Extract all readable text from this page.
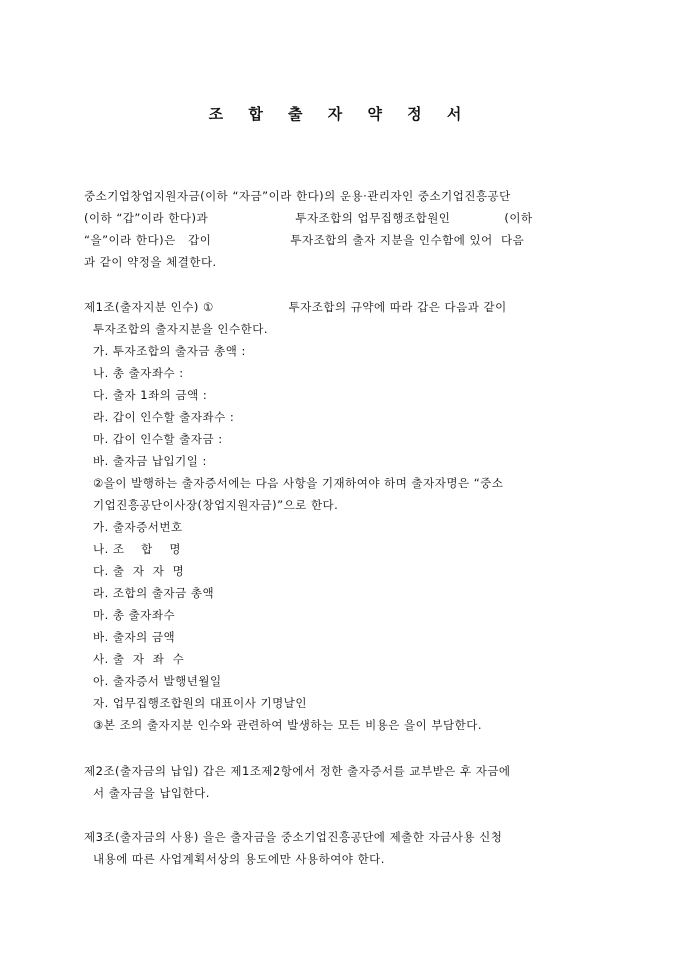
조 합 출 자 약 정 서
중소기업창업지원자금(이하 “자금”이라 한다)의 운용·관리자인 중소기업진흥공단
(이하 “갑”이라 한다)과                     투자조합의 업무집행조합원인             (이하
“을”이라 한다)은   갑이                   투자조합의 출자 지분을 인수함에 있어  다음
과 같이 약정을 체결한다.
제1조(출자지분 인수) ①                  투자조합의 규약에 따라 갑은 다음과 같이
투자조합의 출자지분을 인수한다.
가. 투자조합의 출자금 총액 :
나. 총 출자좌수 :
다. 출자 1좌의 금액 :
라. 갑이 인수할 출자좌수 :
마. 갑이 인수할 출자금 :
바. 출자금 납입기일 :
②을이 발행하는 출자증서에는 다음 사항을 기재하여야 하며 출자자명은 “중소
기업진흥공단이사장(창업지원자금)”으로 한다.
가. 출자증서번호
나. 조    합    명
다. 출  자  자  명
라. 조합의 출자금 총액
마. 총 출자좌수
바. 출자의 금액
사. 출  자  좌  수
아. 출자증서 발행년월일
자. 업무집행조합원의 대표이사 기명날인
③본 조의 출자지분 인수와 관련하여 발생하는 모든 비용은 을이 부담한다.
제2조(출자금의 납입) 갑은 제1조제2항에서 정한 출자증서를 교부받은 후 자금에
서 출자금을 납입한다.
제3조(출자금의 사용) 을은 출자금을 중소기업진흥공단에 제출한 자금사용 신청
내용에 따른 사업계획서상의 용도에만 사용하여야 한다.
